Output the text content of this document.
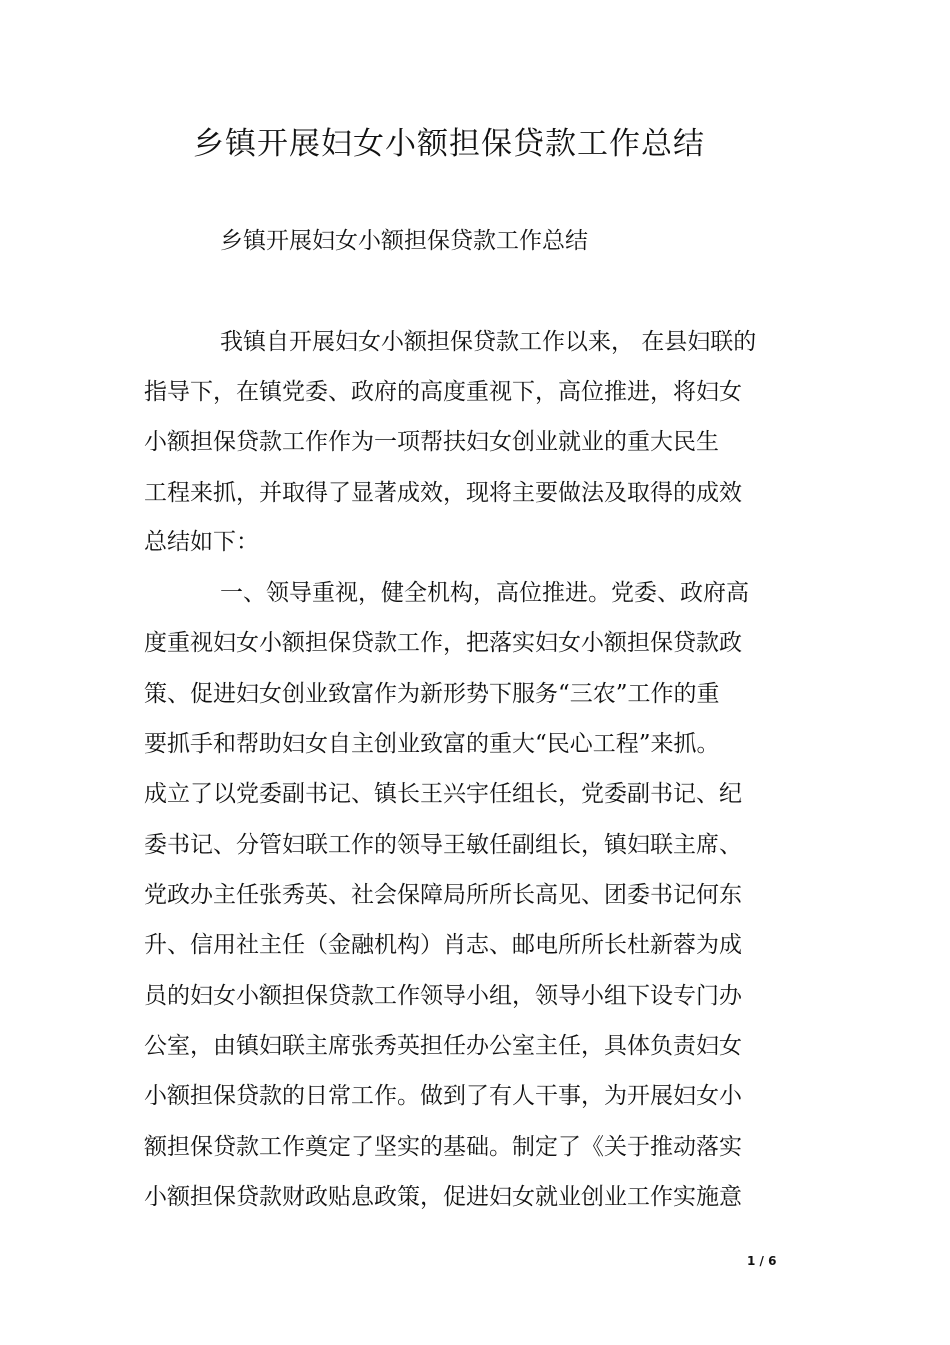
乡镇开展妇女小额担保贷款工作总结
乡镇开展妇女小额担保贷款工作总结
我镇自开展妇女小额担保贷款工作以来， 在县妇联的
指导下，在镇党委、政府的高度重视下，高位推进，将妇女
小额担保贷款工作作为一项帮扶妇女创业就业的重大民生
工程来抓，并取得了显著成效，现将主要做法及取得的成效
总结如下：
一、领导重视，健全机构，高位推进。党委、政府高
度重视妇女小额担保贷款工作，把落实妇女小额担保贷款政
策、促进妇女创业致富作为新形势下服务“三农”工作的重
要抓手和帮助妇女自主创业致富的重大“民心工程”来抓。
成立了以党委副书记、镇长王兴宇任组长，党委副书记、纪
委书记、分管妇联工作的领导王敏任副组长，镇妇联主席、
党政办主任张秀英、社会保障局所所长高见、团委书记何东
升、信用社主任（金融机构）肖志、邮电所所长杜新蓉为成
员的妇女小额担保贷款工作领导小组，领导小组下设专门办
公室，由镇妇联主席张秀英担任办公室主任，具体负责妇女
小额担保贷款的日常工作。做到了有人干事，为开展妇女小
额担保贷款工作奠定了坚实的基础。制定了《关于推动落实
小额担保贷款财政贴息政策，促进妇女就业创业工作实施意
1 / 6
